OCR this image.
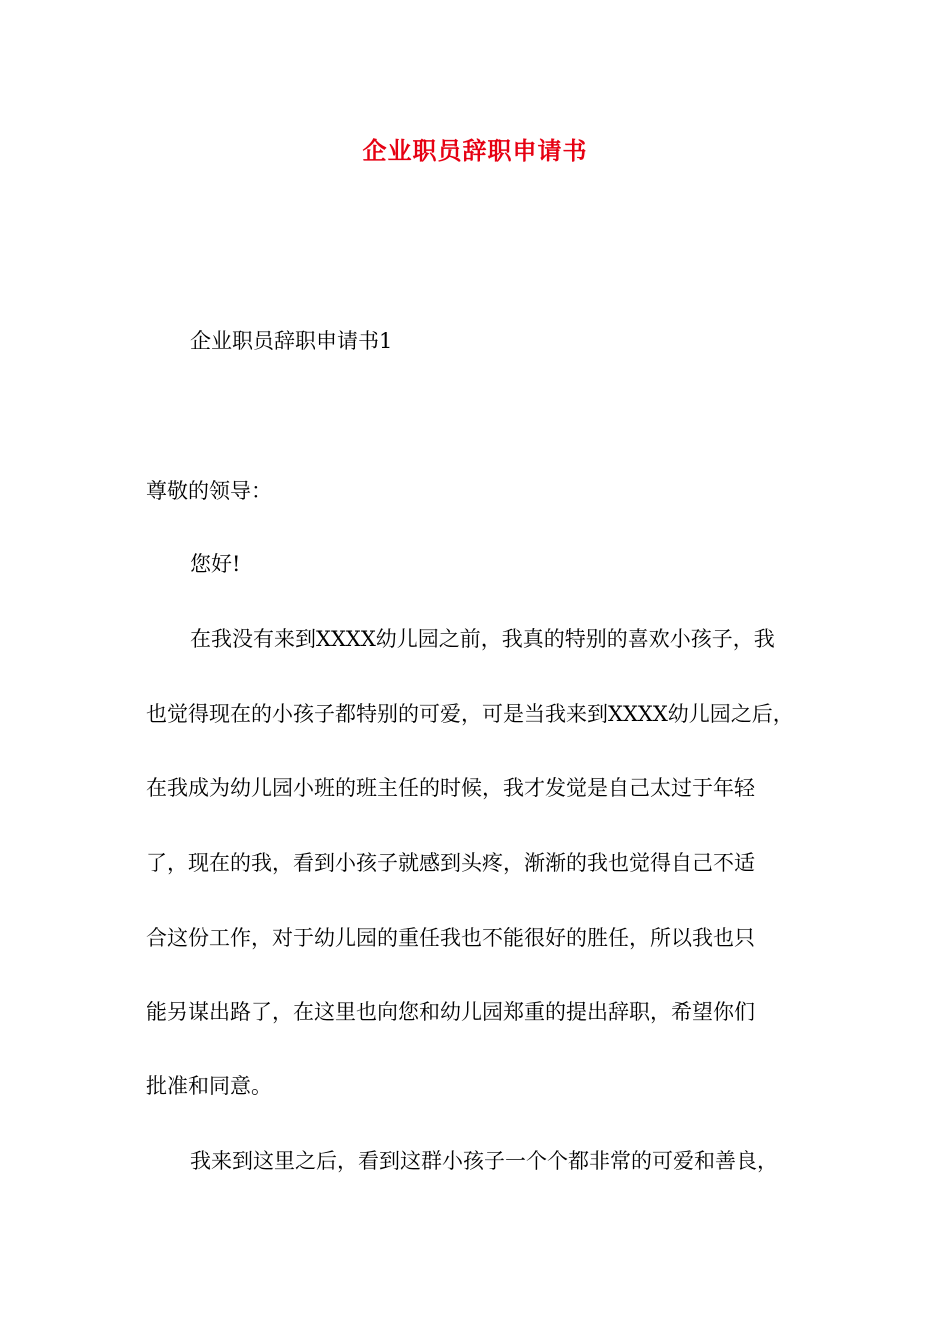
企业职员辞职申请书

企业职员辞职申请书1

尊敬的领导：

您好!

在我没有来到XXXX幼儿园之前，我真的特别的喜欢小孩子，我

也觉得现在的小孩子都特别的可爱，可是当我来到XXXX幼儿园之后，

在我成为幼儿园小班的班主任的时候，我才发觉是自己太过于年轻

了，现在的我，看到小孩子就感到头疼，渐渐的我也觉得自己不适

合这份工作，对于幼儿园的重任我也不能很好的胜任，所以我也只

能另谋出路了，在这里也向您和幼儿园郑重的提出辞职，希望你们

批准和同意。

我来到这里之后，看到这群小孩子一个个都非常的可爱和善良，
